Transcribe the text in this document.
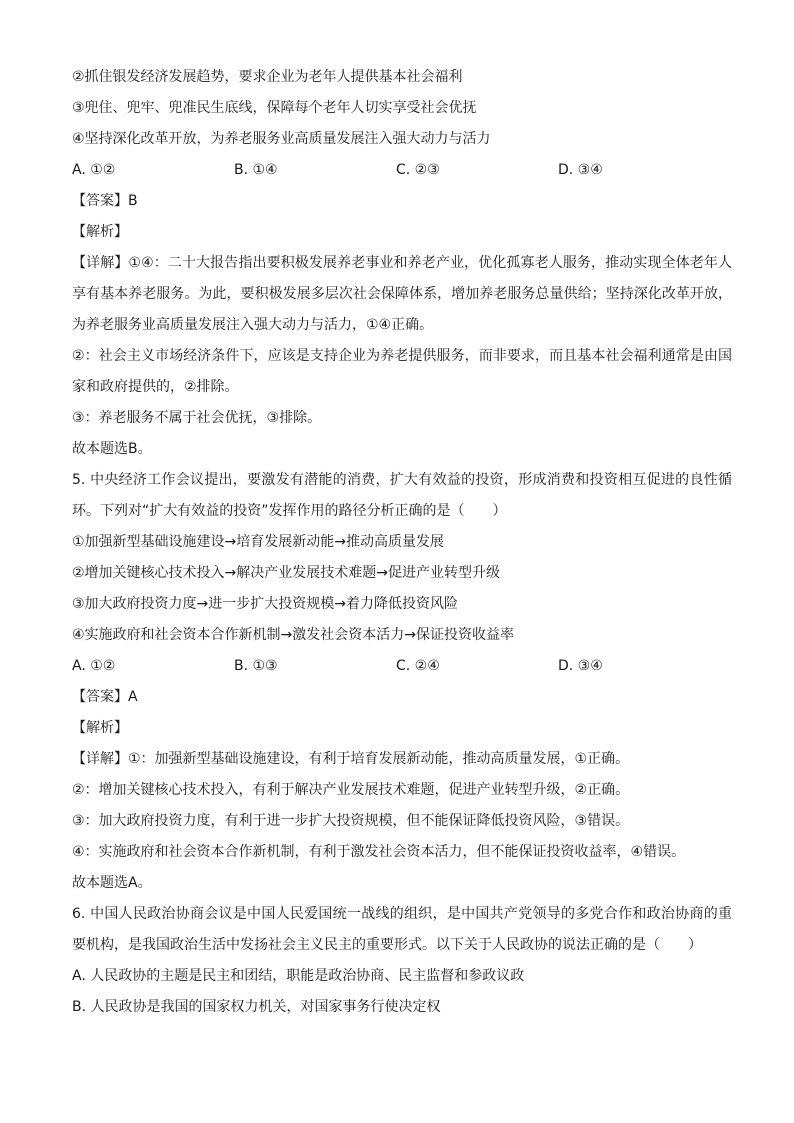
②抓住银发经济发展趋势，要求企业为老年人提供基本社会福利
③兜住、兜牢、兜准民生底线，保障每个老年人切实享受社会优抚
④坚持深化改革开放，为养老服务业高质量发展注入强大动力与活力
A. ①②	B. ①④	C. ②③	D. ③④
【答案】B
【解析】
【详解】①④：二十大报告指出要积极发展养老事业和养老产业，优化孤寡老人服务，推动实现全体老年人享有基本养老服务。为此，要积极发展多层次社会保障体系，增加养老服务总量供给；坚持深化改革开放，为养老服务业高质量发展注入强大动力与活力，①④正确。
②：社会主义市场经济条件下，应该是支持企业为养老提供服务，而非要求，而且基本社会福利通常是由国家和政府提供的，②排除。
③：养老服务不属于社会优抚，③排除。
故本题选B。
5. 中央经济工作会议提出，要激发有潜能的消费，扩大有效益的投资，形成消费和投资相互促进的良性循环。下列对“扩大有效益的投资”发挥作用的路径分析正确的是（　　）
①加强新型基础设施建设→培育发展新动能→推动高质量发展
②增加关键核心技术投入→解决产业发展技术难题→促进产业转型升级
③加大政府投资力度→进一步扩大投资规模→着力降低投资风险
④实施政府和社会资本合作新机制→激发社会资本活力→保证投资收益率
A. ①②	B. ①③	C. ②④	D. ③④
【答案】A
【解析】
【详解】①：加强新型基础设施建设，有利于培育发展新动能，推动高质量发展，①正确。
②：增加关键核心技术投入，有利于解决产业发展技术难题，促进产业转型升级，②正确。
③：加大政府投资力度，有利于进一步扩大投资规模，但不能保证降低投资风险，③错误。
④：实施政府和社会资本合作新机制，有利于激发社会资本活力，但不能保证投资收益率，④错误。
故本题选A。
6. 中国人民政治协商会议是中国人民爱国统一战线的组织，是中国共产党领导的多党合作和政治协商的重要机构，是我国政治生活中发扬社会主义民主的重要形式。以下关于人民政协的说法正确的是（　　）
A. 人民政协的主题是民主和团结，职能是政治协商、民主监督和参政议政
B. 人民政协是我国的国家权力机关，对国家事务行使决定权
